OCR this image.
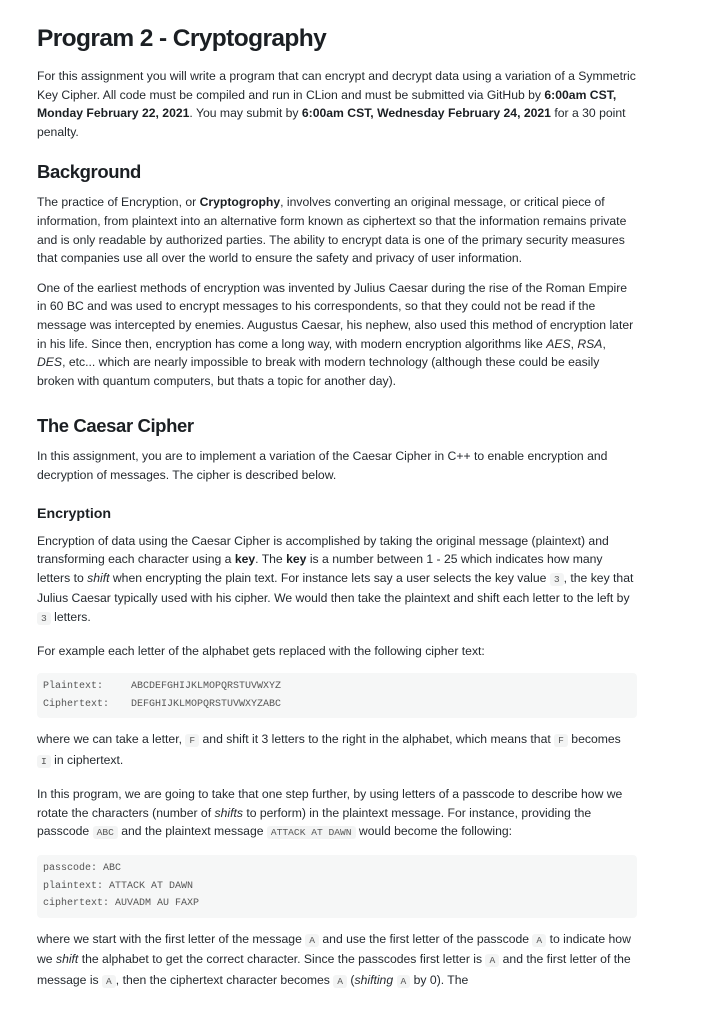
Program 2 - Cryptography

For this assignment you will write a program that can encrypt and decrypt data using a variation of a Symmetric Key Cipher. All code must be compiled and run in CLion and must be submitted via GitHub by 6:00am CST, Monday February 22, 2021. You may submit by 6:00am CST, Wednesday February 24, 2021 for a 30 point penalty.

Background

The practice of Encryption, or Cryptogrophy, involves converting an original message, or critical piece of information, from plaintext into an alternative form known as ciphertext so that the information remains private and is only readable by authorized parties. The ability to encrypt data is one of the primary security measures that companies use all over the world to ensure the safety and privacy of user information.

One of the earliest methods of encryption was invented by Julius Caesar during the rise of the Roman Empire in 60 BC and was used to encrypt messages to his correspondents, so that they could not be read if the message was intercepted by enemies. Augustus Caesar, his nephew, also used this method of encryption later in his life. Since then, encryption has come a long way, with modern encryption algorithms like AES, RSA, DES, etc... which are nearly impossible to break with modern technology (although these could be easily broken with quantum computers, but thats a topic for another day).

The Caesar Cipher

In this assignment, you are to implement a variation of the Caesar Cipher in C++ to enable encryption and decryption of messages. The cipher is described below.

Encryption

Encryption of data using the Caesar Cipher is accomplished by taking the original message (plaintext) and transforming each character using a key. The key is a number between 1 - 25 which indicates how many letters to shift when encrypting the plain text. For instance lets say a user selects the key value 3 , the key that Julius Caesar typically used with his cipher. We would then take the plaintext and shift each letter to the left by 3 letters.

For example each letter of the alphabet gets replaced with the following cipher text:

Plaintext:	ABCDEFGHIJKLMOPQRSTUVWXYZ
Ciphertext: DEFGHIJKLMOPQRSTUVWXYZABC

where we can take a letter, F and shift it 3 letters to the right in the alphabet, which means that F becomes I in ciphertext.

In this program, we are going to take that one step further, by using letters of a passcode to describe how we rotate the characters (number of shifts to perform) in the plaintext message. For instance, providing the passcode ABC and the plaintext message ATTACK AT DAWN would become the following:

passcode: ABC
plaintext: ATTACK AT DAWN
ciphertext: AUVADM AU FAXP

where we start with the first letter of the message A and use the first letter of the passcode A to indicate how we shift the alphabet to get the correct character. Since the passcodes first letter is A and the first letter of the message is A , then the ciphertext character becomes A (shifting A by 0). The
